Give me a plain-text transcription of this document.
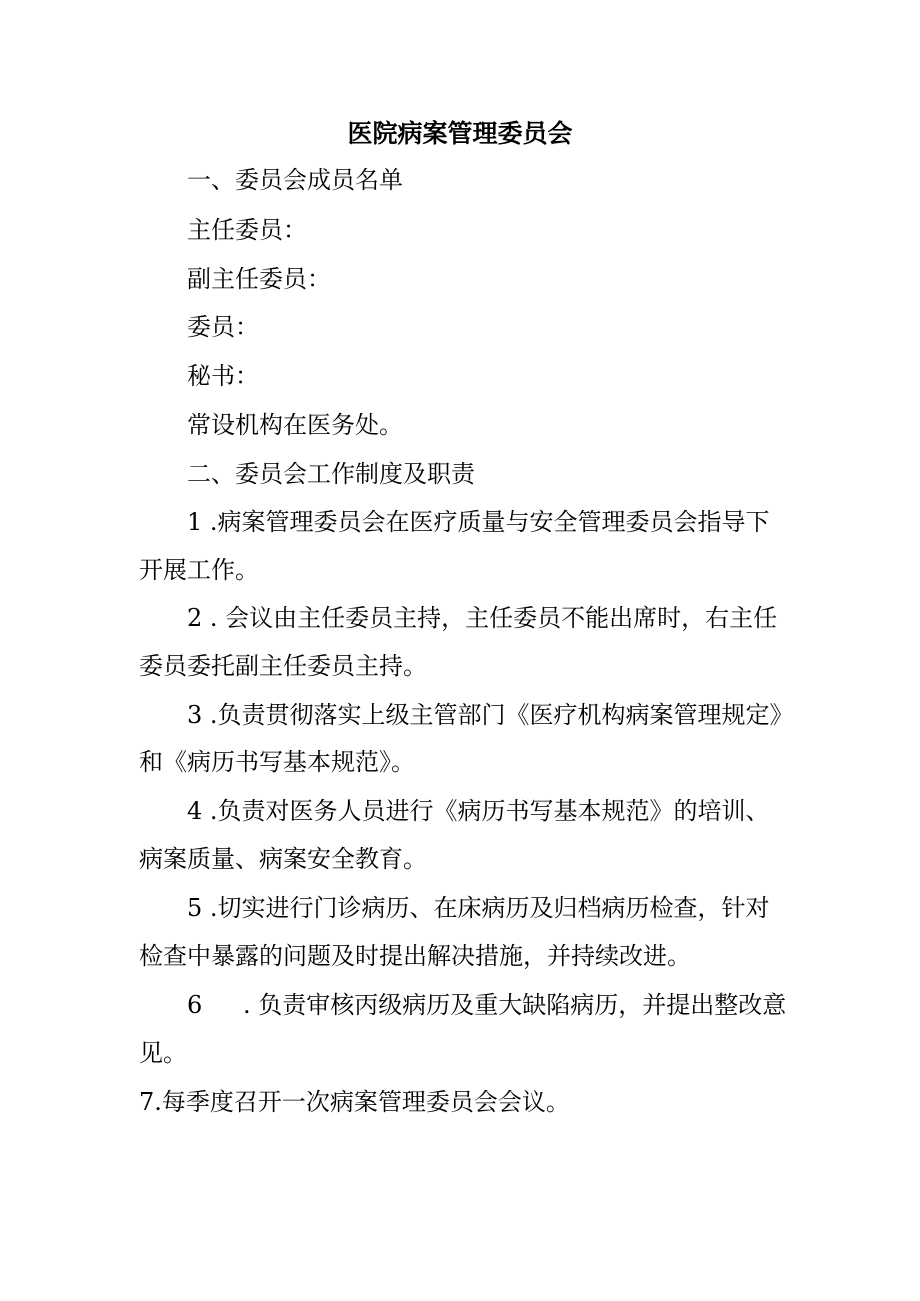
医院病案管理委员会
一、委员会成员名单
主任委员：
副主任委员：
委员：
秘书：
常设机构在医务处。
二、委员会工作制度及职责
1 .病案管理委员会在医疗质量与安全管理委员会指导下
开展工作。
2 . 会议由主任委员主持，主任委员不能出席时，右主任
委员委托副主任委员主持。
3 .负责贯彻落实上级主管部门《医疗机构病案管理规定》
和《病历书写基本规范》。
4 .负责对医务人员进行《病历书写基本规范》的培训、
病案质量、病案安全教育。
5 .切实进行门诊病历、在床病历及归档病历检查，针对
检查中暴露的问题及时提出解决措施，并持续改进。
6 . 负责审核丙级病历及重大缺陷病历，并提出整改意
见。
7.每季度召开一次病案管理委员会会议。
